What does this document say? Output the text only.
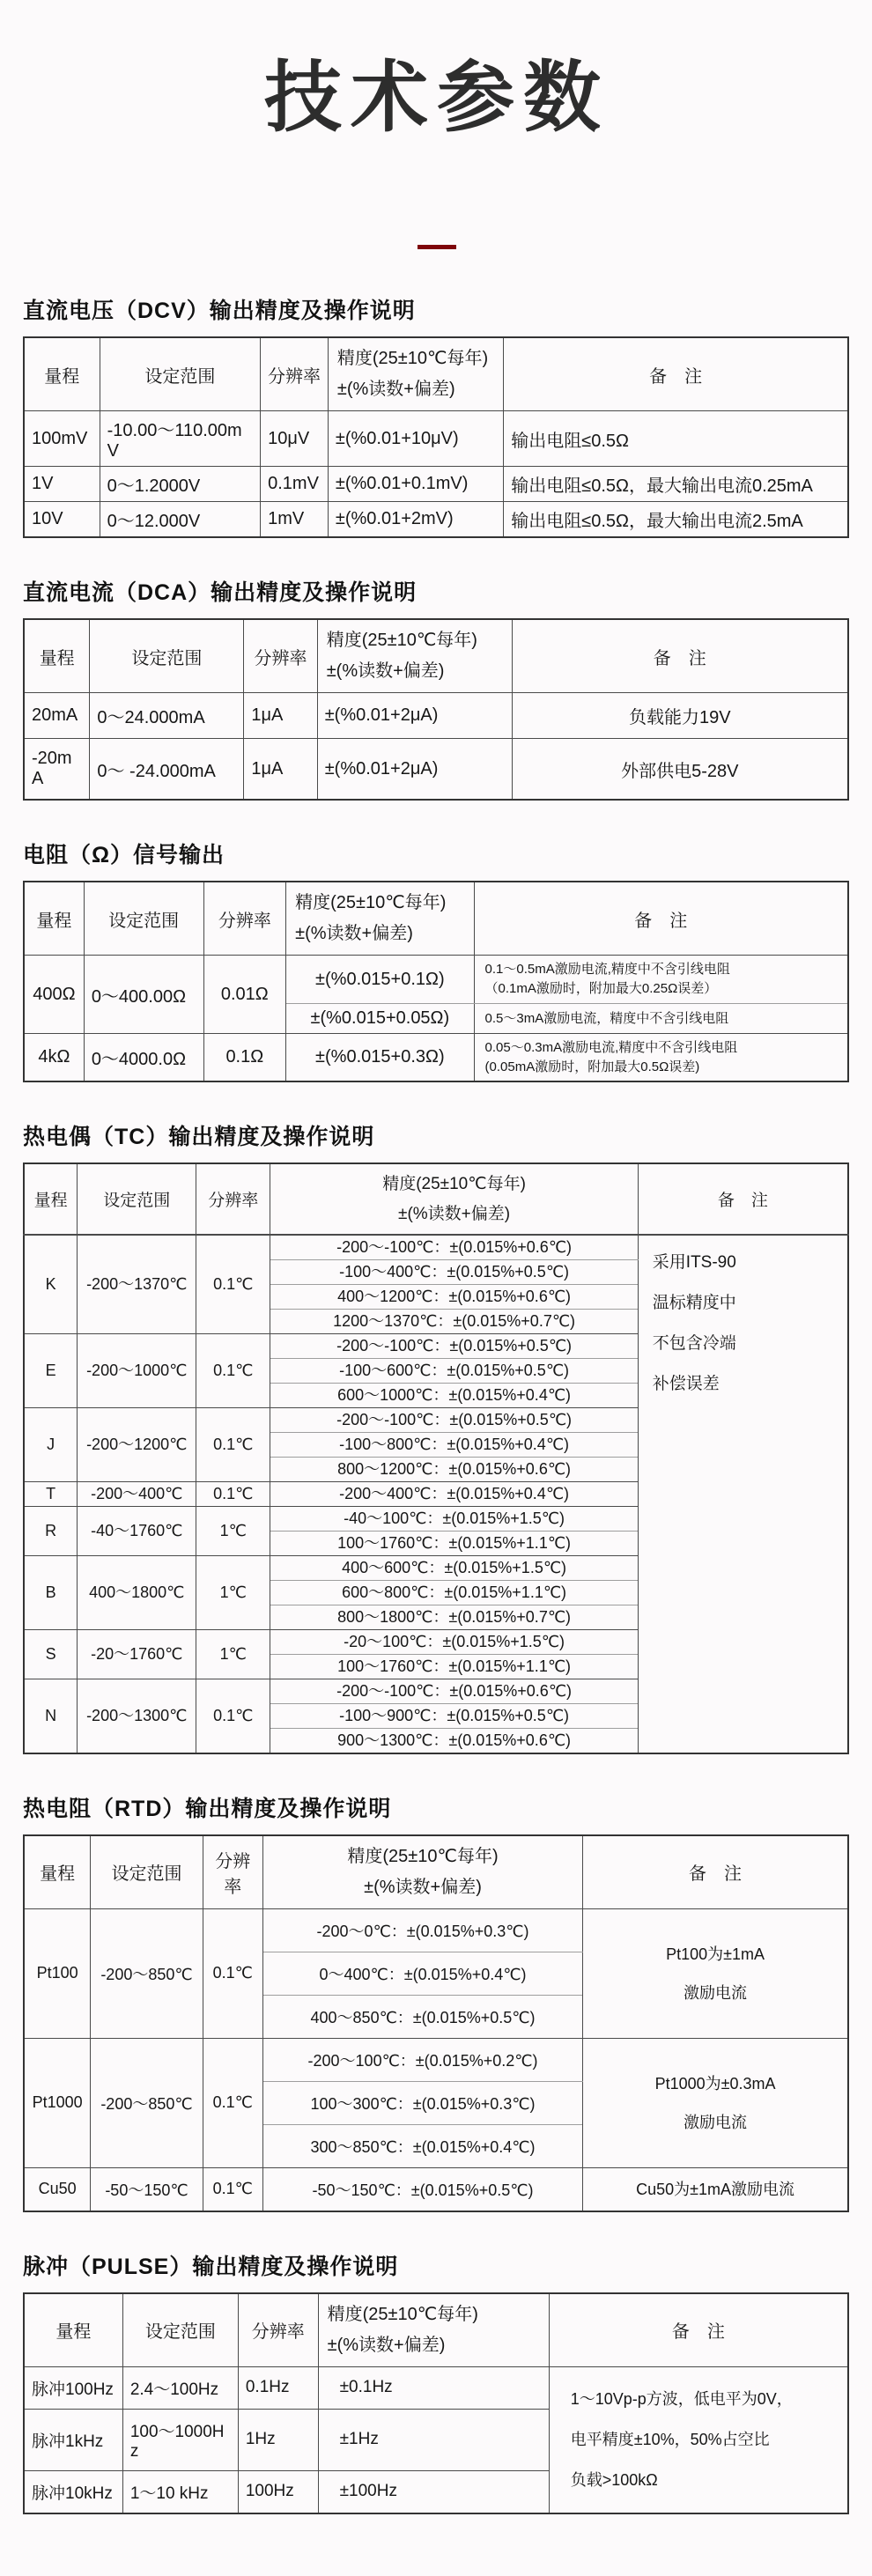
技术参数
直流电压（DCV）输出精度及操作说明
量程	设定范围	分辨率	精度(25±10℃每年)
±(%读数+偏差)	备　注
100mV	-10.00～110.00mV	10μV	±(%0.01+10μV)	输出电阻≤0.5Ω
1V	0～1.2000V	0.1mV	±(%0.01+0.1mV)	输出电阻≤0.5Ω，最大输出电流0.25mA
10V	0～12.000V	1mV	±(%0.01+2mV)	输出电阻≤0.5Ω，最大输出电流2.5mA
直流电流（DCA）输出精度及操作说明
量程	设定范围	分辨率	精度(25±10℃每年)
±(%读数+偏差)	备　注
20mA	0～24.000mA	1μA	±(%0.01+2μA)	负载能力19V
-20mA	0～ -24.000mA	1μA	±(%0.01+2μA)	外部供电5-28V
电阻（Ω）信号输出
量程	设定范围	分辨率	精度(25±10℃每年)
±(%读数+偏差)	备　注
400Ω	0～400.00Ω	0.01Ω	±(%0.015+0.1Ω)	0.1～0.5mA激励电流,精度中不含引线电阻
（0.1mA激励时，附加最大0.25Ω误差）

			±(%0.015+0.05Ω)	0.5～3mA激励电流，精度中不含引线电阻
4kΩ	0～4000.0Ω	0.1Ω	±(%0.015+0.3Ω)	0.05～0.3mA激励电流,精度中不含引线电阻
(0.05mA激励时，附加最大0.5Ω误差)
热电偶（TC）输出精度及操作说明
量程	设定范围	分辨率	精度(25±10℃每年)
±(%读数+偏差)	备　注
K	-200～1370℃	0.1℃	-200～-100℃：±(0.015%+0.6℃)	采用ITS-90
温标精度中
不包含冷端
补偿误差

			-100～400℃：±(0.015%+0.5℃)	
			400～1200℃：±(0.015%+0.6℃)	
			1200～1370℃：±(0.015%+0.7℃)	
E	-200～1000℃	0.1℃	-200～-100℃：±(0.015%+0.5℃)	
			-100～600℃：±(0.015%+0.5℃)	
			600～1000℃：±(0.015%+0.4℃)	
J	-200～1200℃	0.1℃	-200～-100℃：±(0.015%+0.5℃)	
			-100～800℃：±(0.015%+0.4℃)	
			800～1200℃：±(0.015%+0.6℃)	
T	-200～400℃	0.1℃	-200～400℃：±(0.015%+0.4℃)	
R	-40～1760℃	1℃	-40～100℃：±(0.015%+1.5℃)	
			100～1760℃：±(0.015%+1.1℃)	
B	400～1800℃	1℃	400～600℃：±(0.015%+1.5℃)	
			600～800℃：±(0.015%+1.1℃)	
			800～1800℃：±(0.015%+0.7℃)	
S	-20～1760℃	1℃	-20～100℃：±(0.015%+1.5℃)	
			100～1760℃：±(0.015%+1.1℃)	
N	-200～1300℃	0.1℃	-200～-100℃：±(0.015%+0.6℃)	
			-100～900℃：±(0.015%+0.5℃)	
			900～1300℃：±(0.015%+0.6℃)	
热电阻（RTD）输出精度及操作说明
量程	设定范围	分辨率	精度(25±10℃每年)
±(%读数+偏差)	备　注
Pt100	-200～850℃	0.1℃	-200～0℃：±(0.015%+0.3℃)	Pt100为±1mA
激励电流

			0～400℃：±(0.015%+0.4℃)	
			400～850℃：±(0.015%+0.5℃)	
Pt1000	-200～850℃	0.1℃	-200～100℃：±(0.015%+0.2℃)	Pt1000为±0.3mA
激励电流

			100～300℃：±(0.015%+0.3℃)	
			300～850℃：±(0.015%+0.4℃)	
Cu50	-50～150℃	0.1℃	-50～150℃：±(0.015%+0.5℃)	Cu50为±1mA激励电流
脉冲（PULSE）输出精度及操作说明
量程	设定范围	分辨率	精度(25±10℃每年)
±(%读数+偏差)	备　注
脉冲100Hz	2.4～100Hz	0.1Hz	±0.1Hz	1～10Vp-p方波，低电平为0V，
电平精度±10%，50%占空比
负载>100kΩ

脉冲1kHz	100～1000Hz	1Hz	±1Hz	
脉冲10kHz	1～10 kHz	100Hz	±100Hz	
